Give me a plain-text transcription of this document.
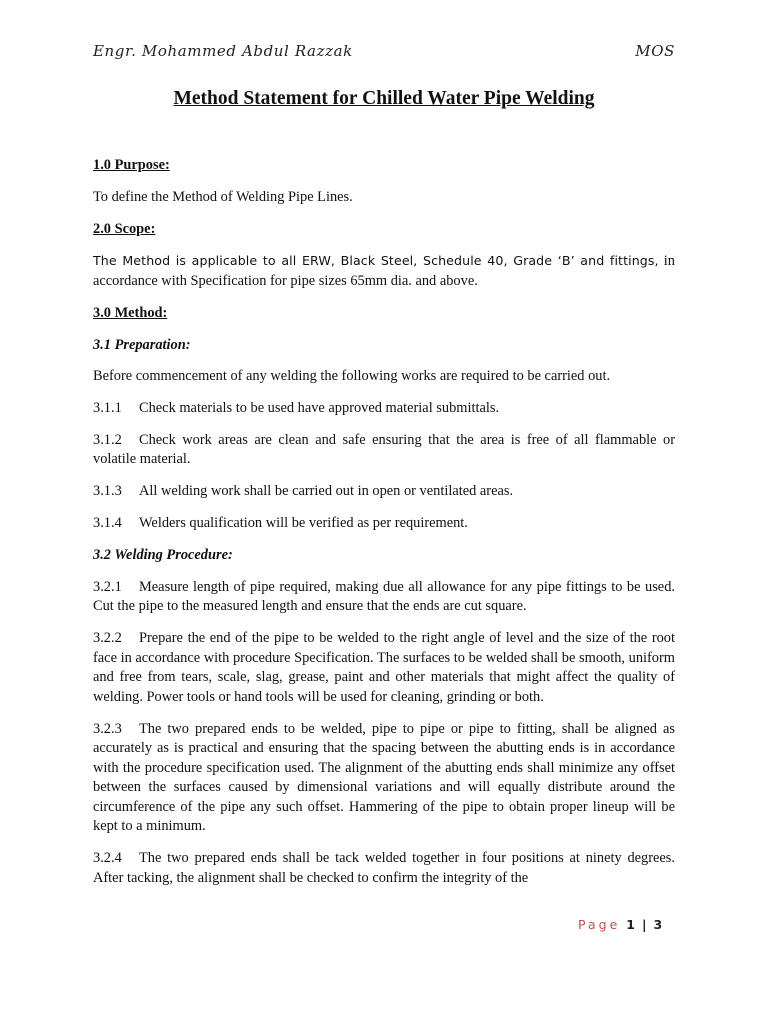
Engr. Mohammed Abdul Razzak	MOS
Method Statement for Chilled Water Pipe Welding

1.0 Purpose:

To define the Method of Welding Pipe Lines.

2.0 Scope:

The Method is applicable to all ERW, Black Steel, Schedule 40, Grade ‘B’ and fittings, in accordance with Specification for pipe sizes 65mm dia. and above.

3.0 Method:

3.1 Preparation:

Before commencement of any welding the following works are required to be carried out.

3.1.1 Check materials to be used have approved material submittals.

3.1.2 Check work areas are clean and safe ensuring that the area is free of all flammable or volatile material.

3.1.3 All welding work shall be carried out in open or ventilated areas.

3.1.4 Welders qualification will be verified as per requirement.

3.2 Welding Procedure:

3.2.1 Measure length of pipe required, making due all allowance for any pipe fittings to be used. Cut the pipe to the measured length and ensure that the ends are cut square.

3.2.2 Prepare the end of the pipe to be welded to the right angle of level and the size of the root face in accordance with procedure Specification. The surfaces to be welded shall be smooth, uniform and free from tears, scale, slag, grease, paint and other materials that might affect the quality of welding. Power tools or hand tools will be used for cleaning, grinding or both.

3.2.3 The two prepared ends to be welded, pipe to pipe or pipe to fitting, shall be aligned as accurately as is practical and ensuring that the spacing between the abutting ends is in accordance with the procedure specification used. The alignment of the abutting ends shall minimize any offset between the surfaces caused by dimensional variations and will equally distribute around the circumference of the pipe any such offset. Hammering of the pipe to obtain proper lineup will be kept to a minimum.

3.2.4 The two prepared ends shall be tack welded together in four positions at ninety degrees. After tacking, the alignment shall be checked to confirm the integrity of the

Page 1 | 3
